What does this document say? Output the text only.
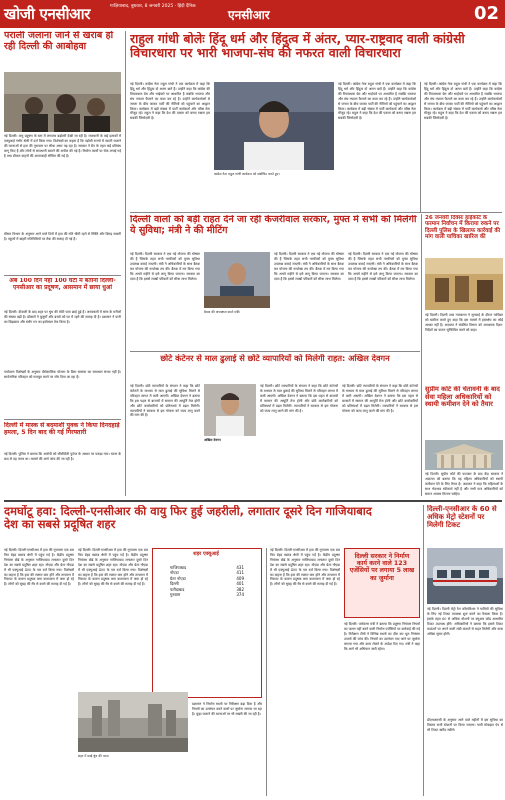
खोजी एनसीआर	गाज़ियाबाद, बुधवार, 8 जनवरी 2025 · हिंदी दैनिक
एनसीआर	02
पराली जलाना जाने से खराब हो रही दिल्ली की आबोहवा
नई दिल्ली। वायु प्रदूषण के स्तर में लगातार बढ़ोतरी देखी जा रही है। राजधानी के कई इलाकों में एक्यूआई गंभीर श्रेणी में दर्ज किया गया। विशेषज्ञों का कहना है कि पड़ोसी राज्यों में पराली जलाने की घटनाओं से हवा की गुणवत्ता पर सीधा असर पड़ रहा है। सरकार ने ग्रैप के तहत कई प्रतिबंध लागू किए हैं और लोगों से सावधानी बरतने की अपील की गई है। निर्माण कार्यों पर रोक लगाई गई है तथा डीजल वाहनों की आवाजाही सीमित की गई है।
मौसम विभाग के अनुसार आने वाले दिनों में हवा की गति धीमी रहने से स्थिति और बिगड़ सकती है। स्कूलों में बाहरी गतिविधियों पर रोक की सलाह दी गई है।
अब 100 दिन नहीं 100 घंटों में बताना दिल्ली-एनसीआर का प्रदूषण, आसमान में छाया धुआं
नई दिल्ली। दीवाली के बाद शहर पर धुंध की मोटी परत छाई हुई है। अस्पतालों में सांस के मरीजों की संख्या बढ़ी है। डॉक्टरों ने बुजुर्गों और बच्चों को घर में रहने की सलाह दी है। प्रशासन ने पानी का छिड़काव और स्मॉग गन का इस्तेमाल तेज किया है।
पर्यावरण विशेषज्ञों के अनुसार दीर्घकालिक योजना के बिना समस्या का समाधान संभव नहीं है। सार्वजनिक परिवहन को मजबूत करने पर जोर दिया जा रहा है।
दिल्ली में मास्क से बदमाशी युवक ने किया दिनदहाड़े हमला, 5 दिन बाद की गई गिरफ्तारी
नई दिल्ली। पुलिस ने बताया कि आरोपी को सीसीटीवी फुटेज के आधार पर पकड़ा गया। घटना के बाद से वह फरार था। मामले की आगे जांच की जा रही है।
राहुल गांधी बोलेः हिंदू धर्म और हिंदुत्व में अंतर, प्यार-राष्ट्रवाद वाली कांग्रेसी विचारधारा पर भारी भाजपा-संघ की नफरत वाली विचारधारा
नई दिल्ली। कांग्रेस नेता राहुल गांधी ने एक कार्यक्रम में कहा कि हिंदू धर्म और हिंदुत्व दो अलग बातें हैं। उन्होंने कहा कि कांग्रेस की विचारधारा प्रेम और भाईचारे पर आधारित है जबकि भाजपा और संघ नफरत फैलाने का काम कर रहे हैं। उन्होंने कार्यकर्ताओं से जनता के बीच जाकर पार्टी की नीतियों को पहुंचाने का आह्वान किया। कार्यक्रम में बड़ी संख्या में पार्टी कार्यकर्ता और वरिष्ठ नेता मौजूद रहे। राहुल ने कहा कि देश की एकता को बनाए रखना हम सबकी जिम्मेदारी है।
कांग्रेस नेता राहुल गांधी कार्यक्रम को संबोधित करते हुए।
नई दिल्ली। कांग्रेस नेता राहुल गांधी ने एक कार्यक्रम में कहा कि हिंदू धर्म और हिंदुत्व दो अलग बातें हैं। उन्होंने कहा कि कांग्रेस की विचारधारा प्रेम और भाईचारे पर आधारित है जबकि भाजपा और संघ नफरत फैलाने का काम कर रहे हैं। उन्होंने कार्यकर्ताओं से जनता के बीच जाकर पार्टी की नीतियों को पहुंचाने का आह्वान किया। कार्यक्रम में बड़ी संख्या में पार्टी कार्यकर्ता और वरिष्ठ नेता मौजूद रहे। राहुल ने कहा कि देश की एकता को बनाए रखना हम सबकी जिम्मेदारी है।
नई दिल्ली। कांग्रेस नेता राहुल गांधी ने एक कार्यक्रम में कहा कि हिंदू धर्म और हिंदुत्व दो अलग बातें हैं। उन्होंने कहा कि कांग्रेस की विचारधारा प्रेम और भाईचारे पर आधारित है जबकि भाजपा और संघ नफरत फैलाने का काम कर रहे हैं। उन्होंने कार्यकर्ताओं से जनता के बीच जाकर पार्टी की नीतियों को पहुंचाने का आह्वान किया। कार्यक्रम में बड़ी संख्या में पार्टी कार्यकर्ता और वरिष्ठ नेता मौजूद रहे। राहुल ने कहा कि देश की एकता को बनाए रखना हम सबकी जिम्मेदारी है।
दिल्ली वालों को बड़ी राहत देने जा रही केजरीवाल सरकार, मुफ्त में सभी को मिलेगी ये सुविधा; मंत्री ने की मीटिंग
नई दिल्ली। दिल्ली सरकार ने एक नई योजना की घोषणा की है जिसके तहत सभी नागरिकों को मुफ्त सुविधा उपलब्ध कराई जाएगी। मंत्री ने अधिकारियों के साथ बैठक कर योजना की रूपरेखा तय की। बैठक में तय किया गया कि अगले महीने से इसे लागू किया जाएगा। सरकार का दावा है कि इससे लाखों परिवारों को सीधा लाभ मिलेगा।
बैठक की अध्यक्षता करते मंत्री।
नई दिल्ली। दिल्ली सरकार ने एक नई योजना की घोषणा की है जिसके तहत सभी नागरिकों को मुफ्त सुविधा उपलब्ध कराई जाएगी। मंत्री ने अधिकारियों के साथ बैठक कर योजना की रूपरेखा तय की। बैठक में तय किया गया कि अगले महीने से इसे लागू किया जाएगा। सरकार का दावा है कि इससे लाखों परिवारों को सीधा लाभ मिलेगा।
नई दिल्ली। दिल्ली सरकार ने एक नई योजना की घोषणा की है जिसके तहत सभी नागरिकों को मुफ्त सुविधा उपलब्ध कराई जाएगी। मंत्री ने अधिकारियों के साथ बैठक कर योजना की रूपरेखा तय की। बैठक में तय किया गया कि अगले महीने से इसे लागू किया जाएगा। सरकार का दावा है कि इससे लाखों परिवारों को सीधा लाभ मिलेगा।
26 जनवरी दिवसः हाईकोर्ट के फरमान निर्वाचन में किराया रुकने पर दिल्ली पुलिस के खिलाफ कार्रवाई की मांग वाली याचिका खारिज की
नई दिल्ली। दिल्ली उच्च न्यायालय ने सुनवाई के दौरान याचिका को खारिज करते हुए कहा कि इस मामले में हस्तक्षेप का कोई आधार नहीं है। अदालत ने संबंधित विभाग को आवश्यक दिशा-निर्देशों का पालन सुनिश्चित करने को कहा।
छोटे कंटेनर से माल ढुलाई से छोटे व्यापारियों को मिलेगी राहत: अखिल देवगन
नई दिल्ली। छोटे व्यापारियों के संगठन ने कहा कि छोटे कंटेनरों के माध्यम से माल ढुलाई की सुविधा मिलने से परिवहन लागत में कमी आएगी। अखिल देवगन ने बताया कि इस पहल से बाजारों में सामान की आपूर्ति तेज होगी और छोटे कारोबारियों को प्रतिस्पर्धा में बढ़त मिलेगी। व्यापारियों ने सरकार से इस योजना को जल्द लागू करने की मांग की है।
अखिल देवगन
नई दिल्ली। छोटे व्यापारियों के संगठन ने कहा कि छोटे कंटेनरों के माध्यम से माल ढुलाई की सुविधा मिलने से परिवहन लागत में कमी आएगी। अखिल देवगन ने बताया कि इस पहल से बाजारों में सामान की आपूर्ति तेज होगी और छोटे कारोबारियों को प्रतिस्पर्धा में बढ़त मिलेगी। व्यापारियों ने सरकार से इस योजना को जल्द लागू करने की मांग की है।
नई दिल्ली। छोटे व्यापारियों के संगठन ने कहा कि छोटे कंटेनरों के माध्यम से माल ढुलाई की सुविधा मिलने से परिवहन लागत में कमी आएगी। अखिल देवगन ने बताया कि इस पहल से बाजारों में सामान की आपूर्ति तेज होगी और छोटे कारोबारियों को प्रतिस्पर्धा में बढ़त मिलेगी। व्यापारियों ने सरकार से इस योजना को जल्द लागू करने की मांग की है।
सुप्रीम कोर्ट की चेतावनी के बाद सेवा महिला अधिकारियों को स्थायी कमीशन देने को तैयार
नई दिल्ली। सुप्रीम कोर्ट की फटकार के बाद केंद्र सरकार ने अदालत को बताया कि वह महिला अधिकारियों को स्थायी कमीशन देने के लिए तैयार है। अदालत ने कहा कि महिलाओं के साथ भेदभाव स्वीकार्य नहीं है और सभी पात्र अधिकारियों को समान अवसर मिलना चाहिए।
दमघोंटू हवा: दिल्ली-एनसीआर की वायु फिर हुई जहरीली, लगातार दूसरे दिन गाजियाबाद देश का सबसे प्रदूषित शहर
नई दिल्ली। दिल्ली-एनसीआर में हवा की गुणवत्ता एक बार फिर बेहद खराब श्रेणी में पहुंच गई है। केंद्रीय प्रदूषण नियंत्रण बोर्ड के अनुसार गाजियाबाद लगातार दूसरे दिन देश का सबसे प्रदूषित शहर रहा। नोएडा और ग्रेटर नोएडा में भी एक्यूआई 400 के पार दर्ज किया गया। विशेषज्ञों का कहना है कि हवा की रफ्तार कम होने और तापमान में गिरावट के कारण प्रदूषक कण वातावरण में जमा हो रहे हैं। लोगों को सुबह की सैर से बचने की सलाह दी गई है।
नई दिल्ली। दिल्ली-एनसीआर में हवा की गुणवत्ता एक बार फिर बेहद खराब श्रेणी में पहुंच गई है। केंद्रीय प्रदूषण नियंत्रण बोर्ड के अनुसार गाजियाबाद लगातार दूसरे दिन देश का सबसे प्रदूषित शहर रहा। नोएडा और ग्रेटर नोएडा में भी एक्यूआई 400 के पार दर्ज किया गया। विशेषज्ञों का कहना है कि हवा की रफ्तार कम होने और तापमान में गिरावट के कारण प्रदूषक कण वातावरण में जमा हो रहे हैं। लोगों को सुबह की सैर से बचने की सलाह दी गई है।
शहर एक्यूआई
गाजियाबाद	431
नोएडा	411
ग्रेटर नोएडा	409
दिल्ली	401
फरीदाबाद	382
गुरुग्राम	374
शहर में छाई धुंध की परत।
प्रशासन ने निर्माण स्थलों पर निरीक्षण बढ़ा दिया है और नियमों का उल्लंघन करने वालों पर जुर्माना लगाया जा रहा है। कूड़ा जलाने की घटनाओं पर भी सख्ती की जा रही है।
नई दिल्ली। दिल्ली-एनसीआर में हवा की गुणवत्ता एक बार फिर बेहद खराब श्रेणी में पहुंच गई है। केंद्रीय प्रदूषण नियंत्रण बोर्ड के अनुसार गाजियाबाद लगातार दूसरे दिन देश का सबसे प्रदूषित शहर रहा। नोएडा और ग्रेटर नोएडा में भी एक्यूआई 400 के पार दर्ज किया गया। विशेषज्ञों का कहना है कि हवा की रफ्तार कम होने और तापमान में गिरावट के कारण प्रदूषक कण वातावरण में जमा हो रहे हैं। लोगों को सुबह की सैर से बचने की सलाह दी गई है।
दिल्ली सरकार ने निर्माण कार्य करने वाले 123 एजेंसियों पर लगाया 5 लाख का जुर्माना
नई दिल्ली। पर्यावरण मंत्री ने बताया कि प्रदूषण नियंत्रण नियमों का पालन नहीं करने वाली निर्माण एजेंसियों पर कार्रवाई की गई है। निरीक्षण टीमों ने विभिन्न स्थलों का दौरा कर धूल नियंत्रण उपायों की जांच की। नियमों का उल्लंघन पाए जाने पर जुर्माना लगाया गया और काम रोकने के आदेश दिए गए। मंत्री ने कहा कि आगे भी अभियान जारी रहेगा।
दिल्ली-एनसीआर के 60 से अधिक मेट्रो स्टेशनों पर मिलेगी टिकट
नई दिल्ली। दिल्ली मेट्रो रेल कॉरपोरेशन ने यात्रियों की सुविधा के लिए नई टिकट व्यवस्था शुरू करने का फैसला किया है। इसके तहत 60 से अधिक स्टेशनों पर क्यूआर कोड आधारित टिकट उपलब्ध होंगे। अधिकारियों ने बताया कि इससे टिकट काउंटरों पर लगने वाली लंबी कतारों से राहत मिलेगी और यात्रा अधिक सुगम होगी।
डीएमआरसी के अनुसार आने वाले महीनों में इस सुविधा का विस्तार सभी स्टेशनों पर किया जाएगा। यात्री मोबाइल ऐप से भी टिकट खरीद सकेंगे।
